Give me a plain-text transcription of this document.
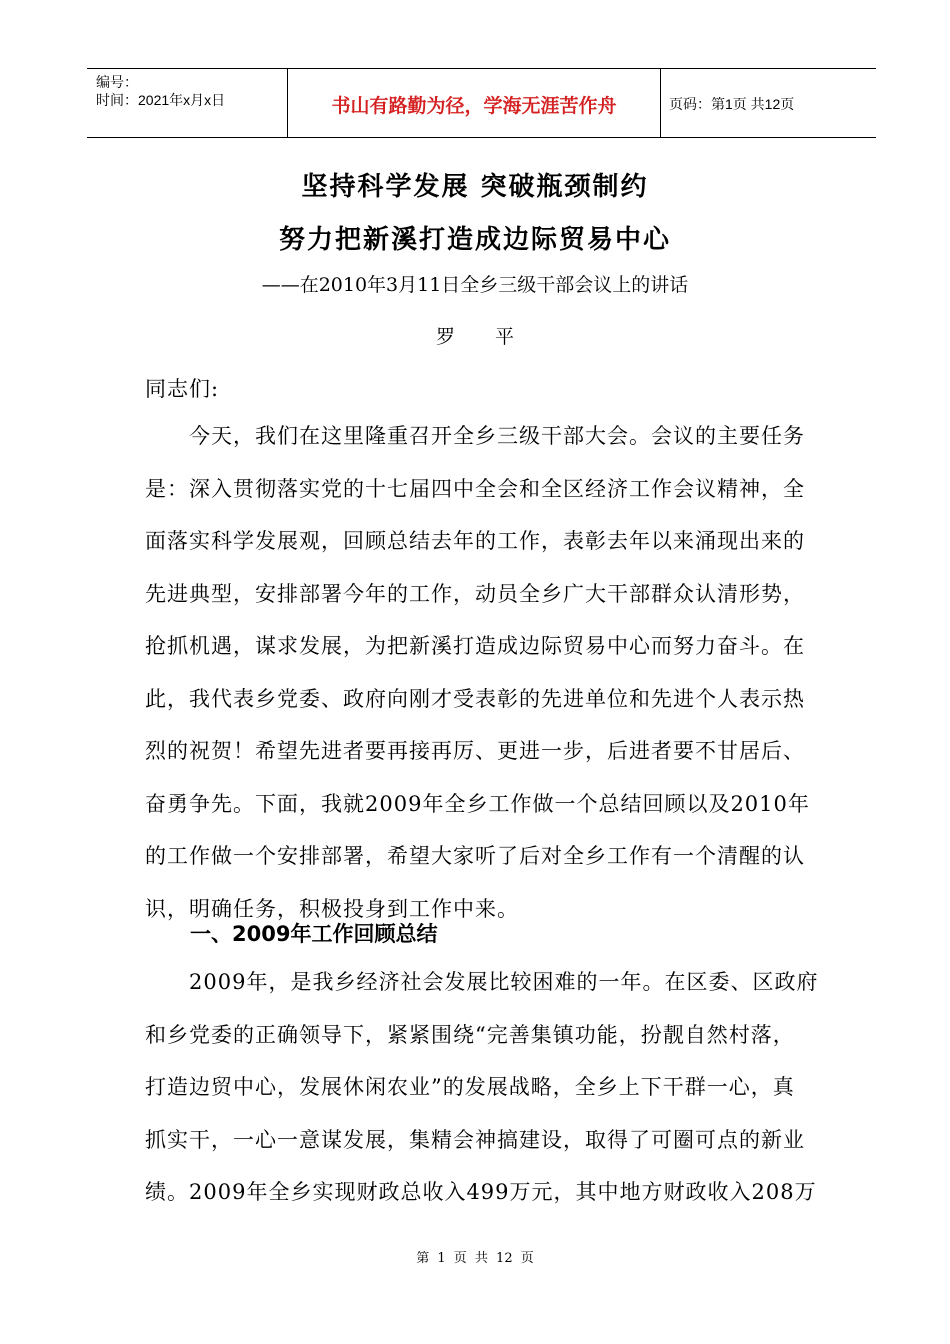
编号：
时间：2021年x月x日	书山有路勤为径，学海无涯苦作舟	页码：第1页 共12页
坚持科学发展 突破瓶颈制约
努力把新溪打造成边际贸易中心
——在2010年3月11日全乡三级干部会议上的讲话
罗平
同志们:
　　今天，我们在这里隆重召开全乡三级干部大会。会议的主要任务
是：深入贯彻落实党的十七届四中全会和全区经济工作会议精神，全
面落实科学发展观，回顾总结去年的工作，表彰去年以来涌现出来的
先进典型，安排部署今年的工作，动员全乡广大干部群众认清形势，
抢抓机遇，谋求发展，为把新溪打造成边际贸易中心而努力奋斗。在
此，我代表乡党委、政府向刚才受表彰的先进单位和先进个人表示热
烈的祝贺！希望先进者要再接再厉、更进一步，后进者要不甘居后、
奋勇争先。下面，我就2009年全乡工作做一个总结回顾以及2010年
的工作做一个安排部署，希望大家听了后对全乡工作有一个清醒的认
识，明确任务，积极投身到工作中来。
一、2009年工作回顾总结
　　2009年，是我乡经济社会发展比较困难的一年。在区委、区政府
和乡党委的正确领导下，紧紧围绕“完善集镇功能，扮靓自然村落，
打造边贸中心，发展休闲农业”的发展战略，全乡上下干群一心，真
抓实干，一心一意谋发展，集精会神搞建设，取得了可圈可点的新业
绩。2009年全乡实现财政总收入499万元，其中地方财政收入208万
第 1 页 共 12 页
